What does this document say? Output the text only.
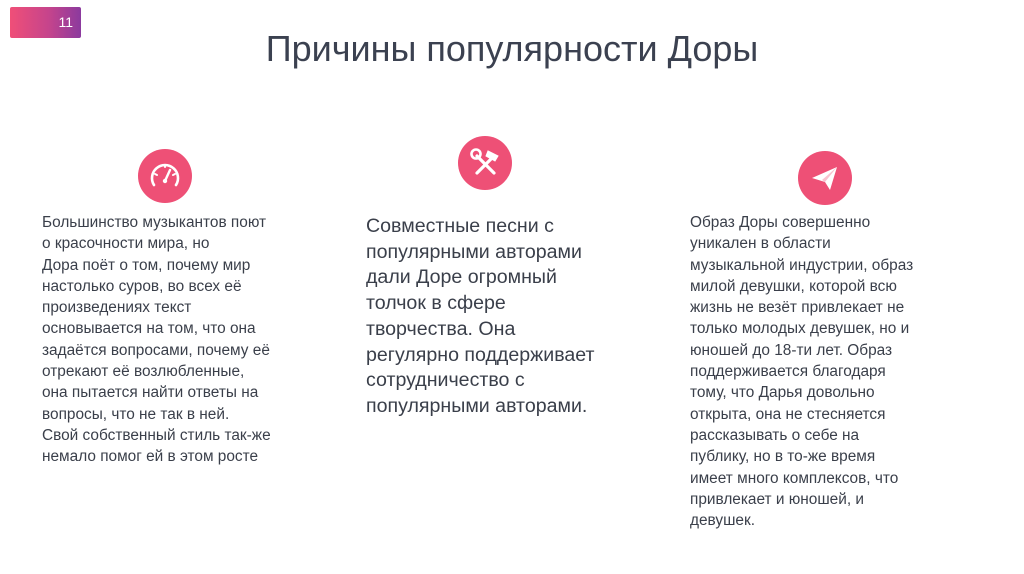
11
Причины популярности Доры

Большинство музыкантов поют
о красочности мира, но
Дора поёт о том, почему мир
настолько суров, во всех её
произведениях текст
основывается на том, что она
задаётся вопросами, почему её
отрекают её возлюбленные,
она пытается найти ответы на
вопросы, что не так в ней.
Свой собственный стиль так-же
немало помог ей в этом росте

Совместные песни с
популярными авторами
дали Доре огромный
толчок в сфере
творчества. Она
регулярно поддерживает
сотрудничество с
популярными авторами.

Образ Доры совершенно
уникален в области
музыкальной индустрии, образ
милой девушки, которой всю
жизнь не везёт привлекает не
только молодых девушек, но и
юношей до 18-ти лет. Образ
поддерживается благодаря
тому, что Дарья довольно
открыта, она не стесняется
рассказывать о себе на
публику, но в то-же время
имеет много комплексов, что
привлекает и юношей, и
девушек.
